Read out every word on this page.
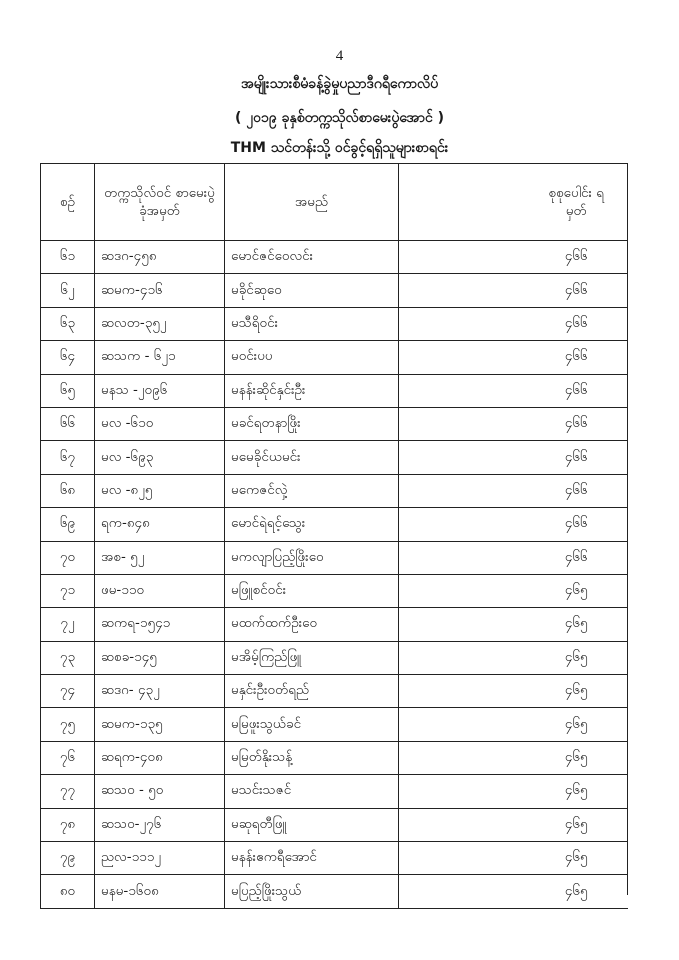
4
အမျိုးသားစီမံခန့်ခွဲမှုပညာဒီဂရီကောလိပ်
( ၂၀၁၉ ခုနှစ်တက္ကသိုလ်စာမေးပွဲအောင် )
THM သင်တန်းသို့ ဝင်ခွင့်ရရှိသူများစာရင်း
စဉ်	တက္ကသိုလ်ဝင် စာမေးပွဲ ခုံအမှတ်	အမည်	စုစုပေါင်း ရမှတ်
၆၁	ဆဒဂ-၄၅၈	မောင်ဇင်ဝေလင်း	၄၆၆
၆၂	ဆမက-၄၁၆	မခိုင်ဆုဝေ	၄၆၆
၆၃	ဆလတ-၃၅၂	မသီရိဝင်း	၄၆၆
၆၄	ဆသက - ၆၂၁	မဝင်းပပ	၄၆၆
၆၅	မနသ -၂၀၉၆	မနန်းဆိုင်နှင်းဦး	၄၆၆
၆၆	မလ -၆၁၀	မခင်ရတနာဖြိုး	၄၆၆
၆၇	မလ -၆၉၃	မမေခိုင်ယမင်း	၄၆၆
၆၈	မလ -၈၂၅	မကေဇင်လှဲ့	၄၆၆
၆၉	ရက-၈၄၈	မောင်ရဲရင့်သွေး	၄၆၆
၇၀	အစ- ၅၂	မကလျာပြည့်ဖြိုးဝေ	၄၆၆
၇၁	ဖမ-၁၁၀	မဖြူစင်ဝင်း	၄၆၅
၇၂	ဆကရ-၁၅၄၁	မထက်ထက်ဦးဝေ	၄၆၅
၇၃	ဆစခ-၁၄၅	မအိမ့်ကြည်ဖြူ	၄၆၅
၇၄	ဆဒဂ- ၄၃၂	မနှင်းဦးဝတ်ရည်	၄၆၅
၇၅	ဆမက-၁၃၅	မမြဖူးသွယ်ခင်	၄၆၅
၇၆	ဆရက-၄၀၈	မမြတ်နိုးသန့်	၄၆၅
၇၇	ဆသဝ - ၅၀	မသင်းသဇင်	၄၆၅
၇၈	ဆသဝ-၂၇၆	မဆုရတီဖြူ	၄၆၅
၇၉	ညလ-၁၁၁၂	မနန်းဧကရီအောင်	၄၆၅
၈၀	မနမ-၁၆၀၈	မပြည့်ဖြိုးသွယ်	၄၆၅
